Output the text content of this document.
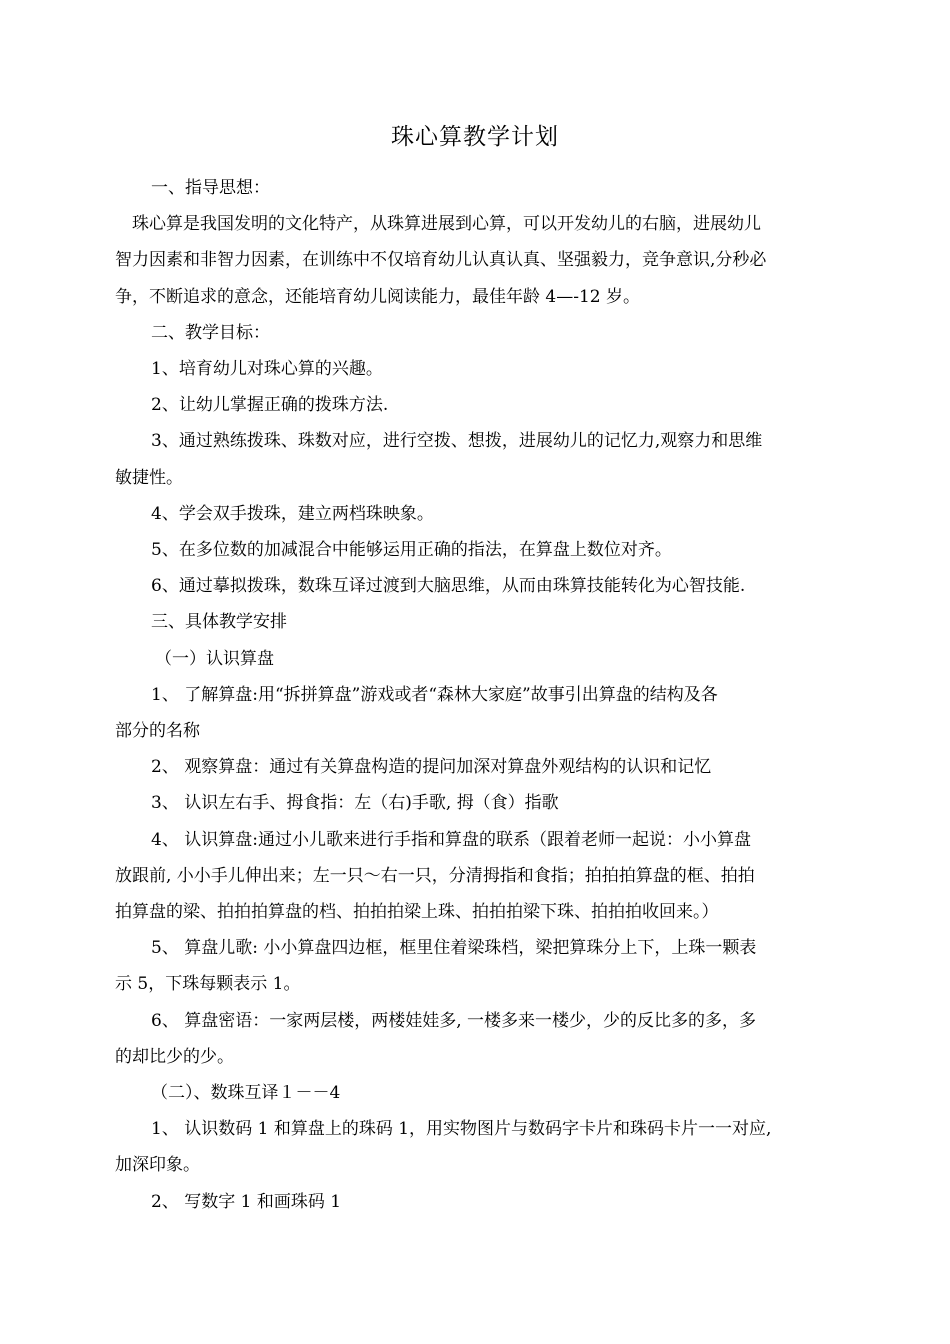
珠心算教学计划

一、指导思想：

珠心算是我国发明的文化特产，从珠算进展到心算，可以开发幼儿的右脑，进展幼儿

智力因素和非智力因素，在训练中不仅培育幼儿认真认真、坚强毅力，竞争意识,分秒必

争，不断追求的意念，还能培育幼儿阅读能力，最佳年龄 4—-12 岁。

二、教学目标：

1、培育幼儿对珠心算的兴趣。

2、让幼儿掌握正确的拨珠方法.

3、通过熟练拨珠、珠数对应，进行空拨、想拨，进展幼儿的记忆力,观察力和思维

敏捷性。

4、学会双手拨珠，建立两档珠映象。

5、在多位数的加减混合中能够运用正确的指法，在算盘上数位对齐。

6、通过摹拟拨珠，数珠互译过渡到大脑思维，从而由珠算技能转化为心智技能.

三、具体教学安排

（一）认识算盘

1、 了解算盘:用“拆拼算盘”游戏或者“森林大家庭”故事引出算盘的结构及各

部分的名称

2、 观察算盘：通过有关算盘构造的提问加深对算盘外观结构的认识和记忆

3、 认识左右手、拇食指：左（右)手歌, 拇（食）指歌

4、 认识算盘:通过小儿歌来进行手指和算盘的联系（跟着老师一起说：小小算盘

放跟前, 小小手儿伸出来；左一只～右一只，分清拇指和食指；拍拍拍算盘的框、拍拍

拍算盘的梁、拍拍拍算盘的档、拍拍拍梁上珠、拍拍拍梁下珠、拍拍拍收回来。）

5、 算盘儿歌: 小小算盘四边框，框里住着梁珠档，梁把算珠分上下，上珠一颗表

示 5，下珠每颗表示 1。

6、 算盘密语：一家两层楼，两楼娃娃多, 一楼多来一楼少，少的反比多的多，多

的却比少的少。

（二）、数珠互译１－－4

1、 认识数码 1 和算盘上的珠码 1，用实物图片与数码字卡片和珠码卡片一一对应,

加深印象。

2、 写数字 1 和画珠码 1
